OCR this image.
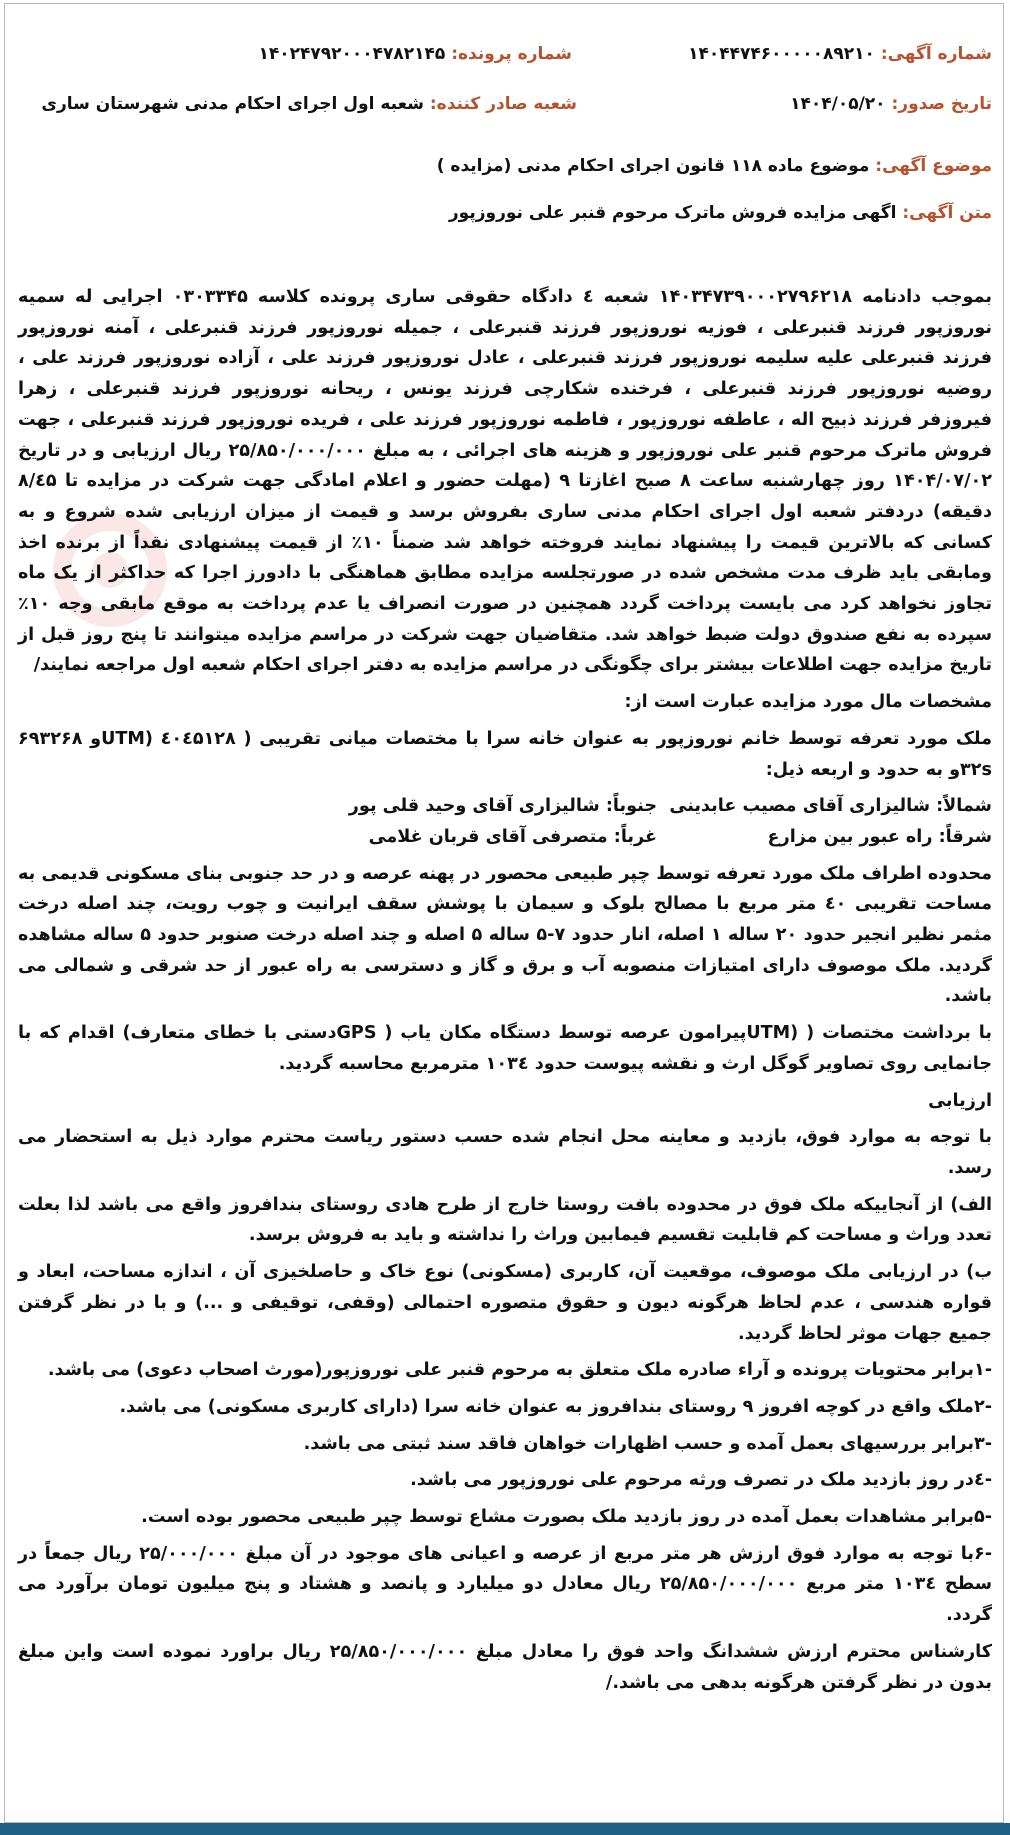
شماره آگهی: ۱۴۰۴۴۷۴۶۰۰۰۰۰۸۹۲۱۰
شماره پرونده: ۱۴۰۲۴۷۹۲۰۰۰۴۷۸۲۱۴۵
تاریخ صدور: ۱۴۰۴/۰۵/۲۰
شعبه صادر کننده: شعبه اول اجرای احکام مدنی شهرستان ساری
موضوع آگهی: موضوع ماده ۱۱۸ قانون اجرای احکام مدنی (مزایده )
متن آگهی: اگهی مزایده فروش ماترک مرحوم قنبر علی نوروزپور

بموجب دادنامه ۱۴۰۳۴۷۳۹۰۰۰۲۷۹۶۲۱۸ شعبه ٤ دادگاه حقوقی ساری پرونده کلاسه ۰۳۰۳۳۴۵ اجرایی له سمیه نوروزپور فرزند قنبرعلی ، فوزیه نوروزپور فرزند قنبرعلی ، جمیله نوروزپور فرزند قنبرعلی ، آمنه نوروزپور فرزند قنبرعلی علیه سلیمه نوروزپور فرزند قنبرعلی ، عادل نوروزپور فرزند علی ، آزاده نوروزپور فرزند علی ، روضیه نوروزپور فرزند قنبرعلی ، فرخنده شکارچی فرزند یونس ، ریحانه نوروزپور فرزند قنبرعلی ، زهرا فیروزفر فرزند ذبیح اله ، عاطفه نوروزپور ، فاطمه نوروزپور فرزند علی ، فریده نوروزپور فرزند قنبرعلی ، جهت فروش ماترک مرحوم قنبر علی نوروزپور و هزینه های اجرائی ، به مبلغ ۲۵/۸۵۰/۰۰۰/۰۰۰ ریال ارزیابی و در تاریخ ۱۴۰۴/۰۷/۰۲ روز چهارشنبه ساعت ۸ صبح اغازتا ۹ (مهلت حضور و اعلام امادگی جهت شرکت در مزایده تا ۸/٤۵ دقیقه) دردفتر شعبه اول اجرای احکام مدنی ساری بفروش برسد و قیمت از میزان ارزیابی شده شروع و به کسانی که بالاترین قیمت را پیشنهاد نمایند فروخته خواهد شد ضمناً ۱۰٪ از قیمت پیشنهادی نقداً از برنده اخذ ومابقی باید ظرف مدت مشخص شده در صورتجلسه مزایده مطابق هماهنگی با دادورز اجرا که حداکثر از یک ماه تجاوز نخواهد کرد می بایست پرداخت گردد همچنین در صورت انصراف یا عدم پرداخت به موقع مابقی وجه ۱۰٪ سپرده به نفع صندوق دولت ضبط خواهد شد. متقاضیان جهت شرکت در مراسم مزایده میتوانند تا پنج روز قبل از تاریخ مزایده جهت اطلاعات بیشتر برای چگونگی در مراسم مزایده به دفتر اجرای احکام شعبه اول مراجعه نمایند/

مشخصات مال مورد مزایده عبارت است از:

ملک مورد تعرفه توسط خانم نوروزپور به عنوان خانه سرا با مختصات میانی تقریبی ( ٤۰٤۵۱۲۸ (UTMو ۶۹۳۲۶۸ ۳۲s‌و به حدود و اربعه ذیل:

شمالاً: شالیزاری آقای مصیب عابدینی
جنوباً: شالیزاری آقای وحید قلی پور
شرقاً: راه عبور بین مزارع
غرباً: متصرفی آقای قربان غلامی

محدوده اطراف ملک مورد تعرفه توسط چپر طبیعی محصور در پهنه عرصه و در حد جنوبی بنای مسکونی قدیمی به مساحت تقریبی ٤۰ متر مربع با مصالح بلوک و سیمان با پوشش سقف ایرانیت و چوب رویت، چند اصله درخت مثمر نظیر انجیر حدود ۲۰ ساله ۱ اصله، انار حدود ۷-۵ ساله ۵ اصله و چند اصله درخت صنوبر حدود ۵ ساله مشاهده گردید. ملک موصوف دارای امتیازات منصوبه آب و برق و گاز و دسترسی به راه عبور از حد شرقی و شمالی می باشد.

با برداشت مختصات ( (UTMپیرامون عرصه توسط دستگاه مکان یاب ( GPSدستی با خطای متعارف) اقدام که با جانمایی روی تصاویر گوگل ارث و نقشه پیوست حدود ۱۰۳٤ مترمربع محاسبه گردید.

ارزیابی

با توجه به موارد فوق، بازدید و معاینه محل انجام شده حسب دستور ریاست محترم موارد ذیل به استحضار می رسد.

الف) از آنجاییکه ملک فوق در محدوده بافت روستا خارج از طرح هادی روستای بندافروز واقع می باشد لذا بعلت تعدد وراث و مساحت کم قابلیت تقسیم فیمابین وراث را نداشته و باید به فروش برسد.

ب) در ارزیابی ملک موصوف، موقعیت آن، کاربری (مسکونی) نوع خاک و حاصلخیزی آن ، اندازه مساحت، ابعاد و قواره هندسی ، عدم لحاظ هرگونه دیون و حقوق متصوره احتمالی (وقفی، توقیفی و ...) و با در نظر گرفتن جمیع جهات موثر لحاظ گردید.

-۱برابر محتویات پرونده و آراء صادره ملک متعلق به مرحوم قنبر علی نوروزپور(مورث اصحاب دعوی) می باشد.

-۲ملک واقع در کوچه افروز ۹ روستای بندافروز به عنوان خانه سرا (دارای کاربری مسکونی) می باشد.

-۳برابر بررسیهای بعمل آمده و حسب اظهارات خواهان فاقد سند ثبتی می باشد.

-٤در روز بازدید ملک در تصرف ورثه مرحوم علی نوروزپور می باشد.

-۵برابر مشاهدات بعمل آمده در روز بازدید ملک بصورت مشاع توسط چپر طبیعی محصور بوده است.

-۶با توجه به موارد فوق ارزش هر متر مربع از عرصه و اعیانی های موجود در آن مبلغ ۲۵/۰۰۰/۰۰۰ ریال جمعاً در سطح ۱۰۳٤ متر مربع ۲۵/۸۵۰/۰۰۰/۰۰۰ ریال معادل دو میلیارد و پانصد و هشتاد و پنج میلیون تومان برآورد می گردد.

کارشناس محترم ارزش ششدانگ واحد فوق را معادل مبلغ ۲۵/۸۵۰/۰۰۰/۰۰۰ ریال براورد نموده است واین مبلغ بدون در نظر گرفتن هرگونه بدهی می باشد./
